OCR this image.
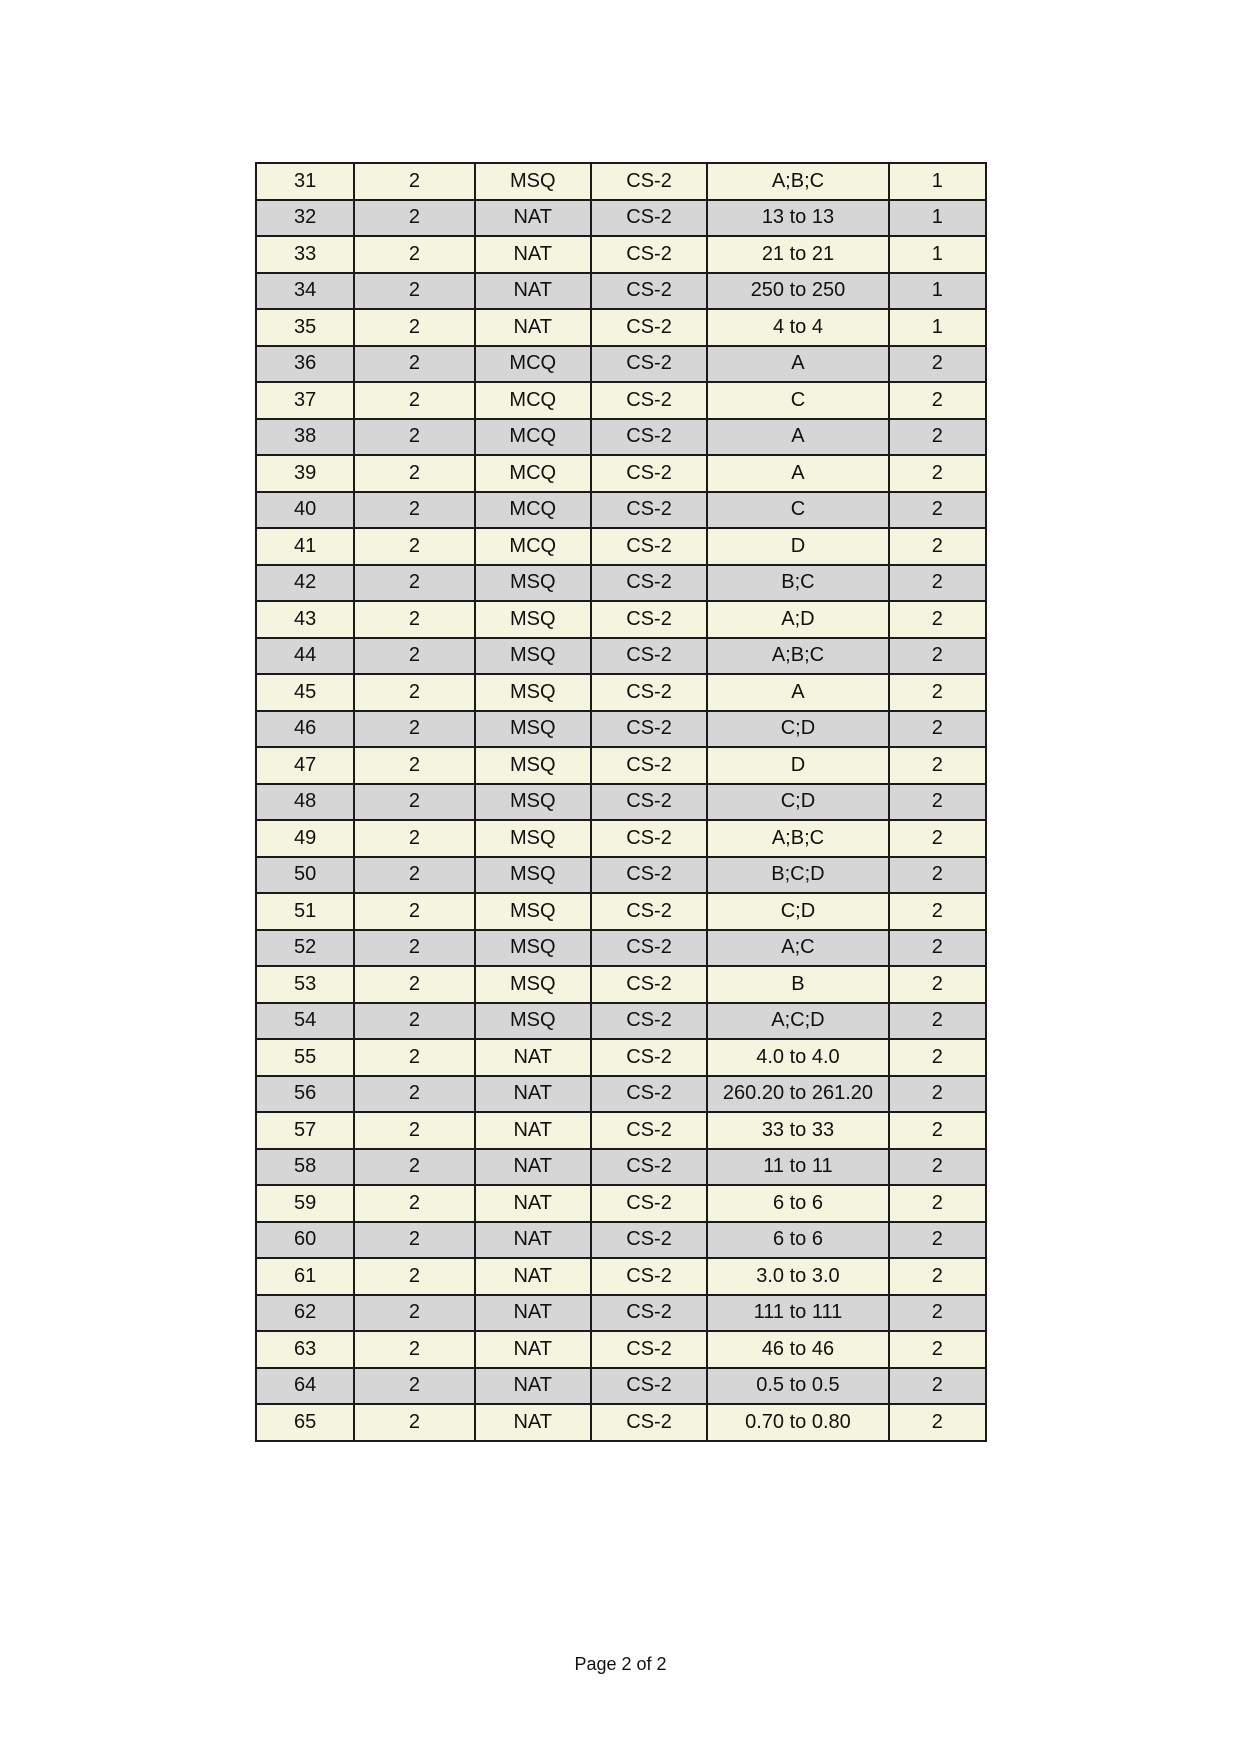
31	2	MSQ	CS-2	A;B;C	1
32	2	NAT	CS-2	13 to 13	1
33	2	NAT	CS-2	21 to 21	1
34	2	NAT	CS-2	250 to 250	1
35	2	NAT	CS-2	4 to 4	1
36	2	MCQ	CS-2	A	2
37	2	MCQ	CS-2	C	2
38	2	MCQ	CS-2	A	2
39	2	MCQ	CS-2	A	2
40	2	MCQ	CS-2	C	2
41	2	MCQ	CS-2	D	2
42	2	MSQ	CS-2	B;C	2
43	2	MSQ	CS-2	A;D	2
44	2	MSQ	CS-2	A;B;C	2
45	2	MSQ	CS-2	A	2
46	2	MSQ	CS-2	C;D	2
47	2	MSQ	CS-2	D	2
48	2	MSQ	CS-2	C;D	2
49	2	MSQ	CS-2	A;B;C	2
50	2	MSQ	CS-2	B;C;D	2
51	2	MSQ	CS-2	C;D	2
52	2	MSQ	CS-2	A;C	2
53	2	MSQ	CS-2	B	2
54	2	MSQ	CS-2	A;C;D	2
55	2	NAT	CS-2	4.0 to 4.0	2
56	2	NAT	CS-2	260.20 to 261.20	2
57	2	NAT	CS-2	33 to 33	2
58	2	NAT	CS-2	11 to 11	2
59	2	NAT	CS-2	6 to 6	2
60	2	NAT	CS-2	6 to 6	2
61	2	NAT	CS-2	3.0 to 3.0	2
62	2	NAT	CS-2	111 to 111	2
63	2	NAT	CS-2	46 to 46	2
64	2	NAT	CS-2	0.5 to 0.5	2
65	2	NAT	CS-2	0.70 to 0.80	2
Page 2 of 2
